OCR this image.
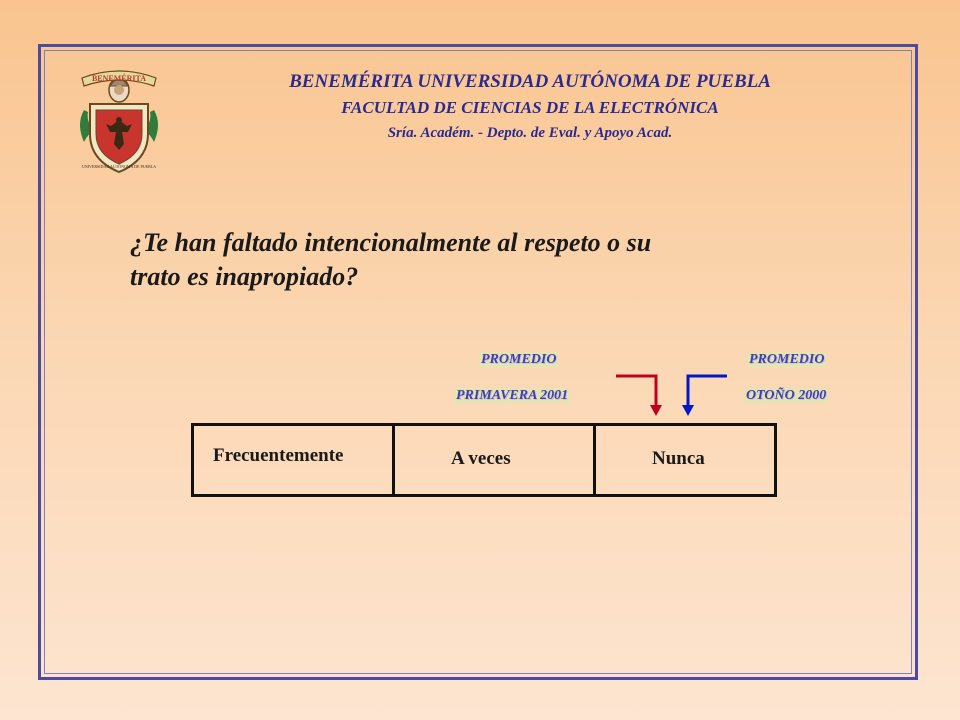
BENEMÉRITA
UNIVERSIDAD AUTÓNOMA DE PUEBLA
BENEMÉRITA UNIVERSIDAD AUTÓNOMA DE PUEBLA
FACULTAD DE CIENCIAS DE LA ELECTRÓNICA
Sría. Académ. - Depto. de Eval. y Apoyo Acad.
¿Te han faltado intencionalmente al respeto o su
trato es inapropiado?
PROMEDIO
PRIMAVERA 2001
PROMEDIO
OTOÑO 2000
Frecuentemente	A veces	Nunca
